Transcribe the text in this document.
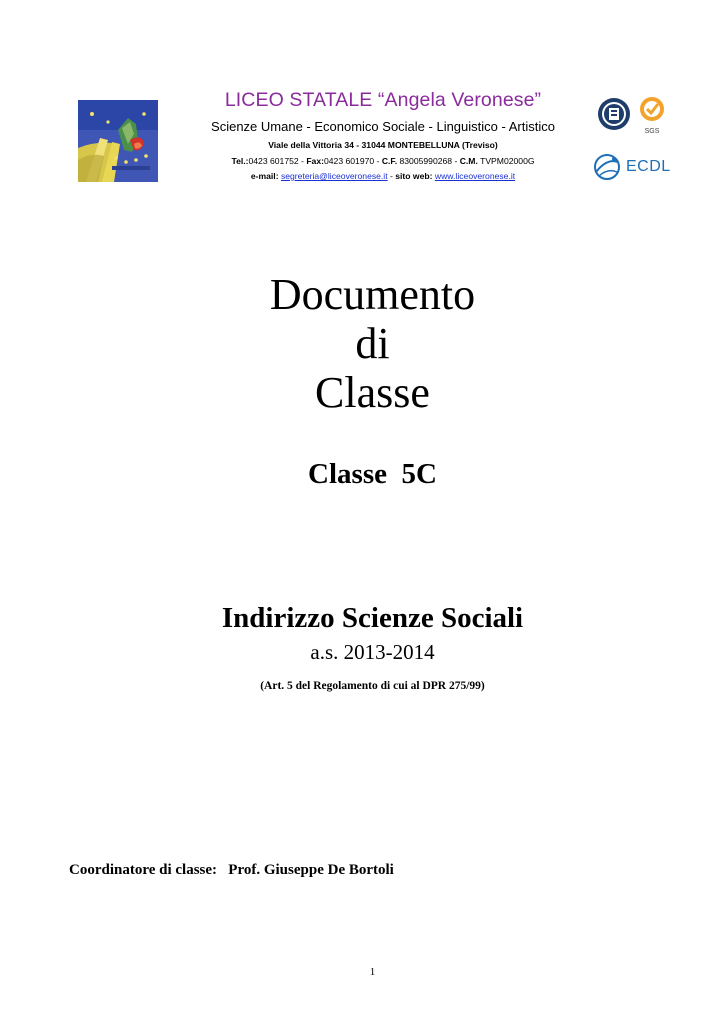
LICEO STATALE “Angela Veronese”
Scienze Umane - Economico Sociale - Linguistico - Artistico
Viale della Vittoria 34 - 31044 MONTEBELLUNA (Treviso)
Tel.:0423 601752 - Fax:0423 601970 - C.F. 83005990268 - C.M. TVPM02000G
e-mail: segreteria@liceoveronese.it - sito web: www.liceoveronese.it
SGS
ECDL
Documento
di
Classe
Classe  5C
Indirizzo Scienze Sociali
a.s. 2013-2014
(Art. 5 del Regolamento di cui al DPR 275/99)
Coordinatore di classe: Prof. Giuseppe De Bortoli
1
